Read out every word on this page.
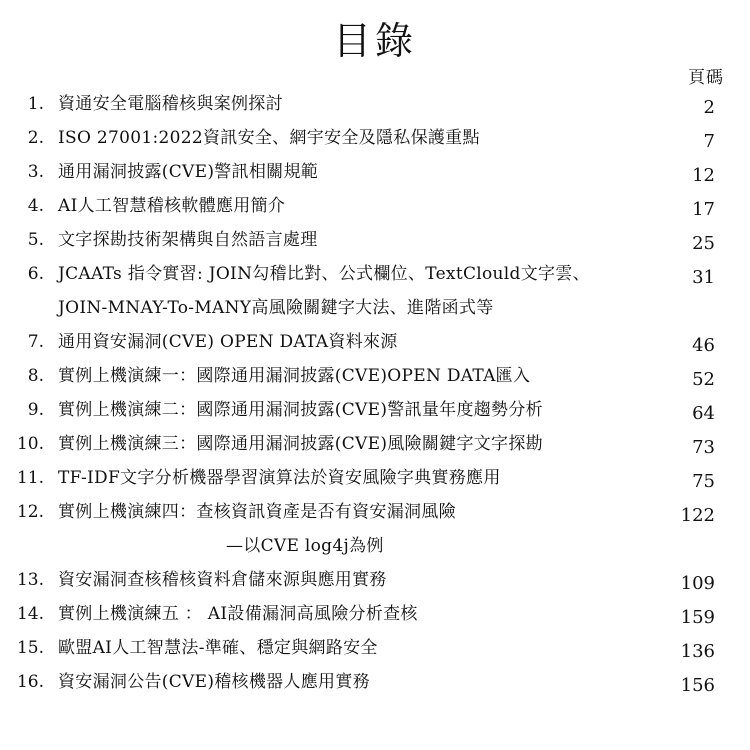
目錄
頁碼
1. 資通安全電腦稽核與案例探討	2
2. ISO 27001:2022資訊安全、網宇安全及隱私保護重點	7
3. 通用漏洞披露(CVE)警訊相關規範	12
4. AI人工智慧稽核軟體應用簡介	17
5. 文字探勘技術架構與自然語言處理	25
6. JCAATs 指令實習: JOIN勾稽比對、公式欄位、TextClould文字雲、	31
JOIN-MNAY-To-MANY高風險關鍵字大法、進階函式等
7. 通用資安漏洞(CVE) OPEN DATA資料來源	46
8. 實例上機演練一：國際通用漏洞披露(CVE)OPEN DATA匯入	52
9. 實例上機演練二：國際通用漏洞披露(CVE)警訊量年度趨勢分析	64
10. 實例上機演練三：國際通用漏洞披露(CVE)風險關鍵字文字探勘	73
11. TF-IDF文字分析機器學習演算法於資安風險字典實務應用	75
12. 實例上機演練四：查核資訊資產是否有資安漏洞風險	122
—以CVE log4j為例
13. 資安漏洞查核稽核資料倉儲來源與應用實務	109
14. 實例上機演練五 ： AI設備漏洞高風險分析查核	159
15. 歐盟AI人工智慧法-準確、穩定與網路安全	136
16. 資安漏洞公告(CVE)稽核機器人應用實務	156
